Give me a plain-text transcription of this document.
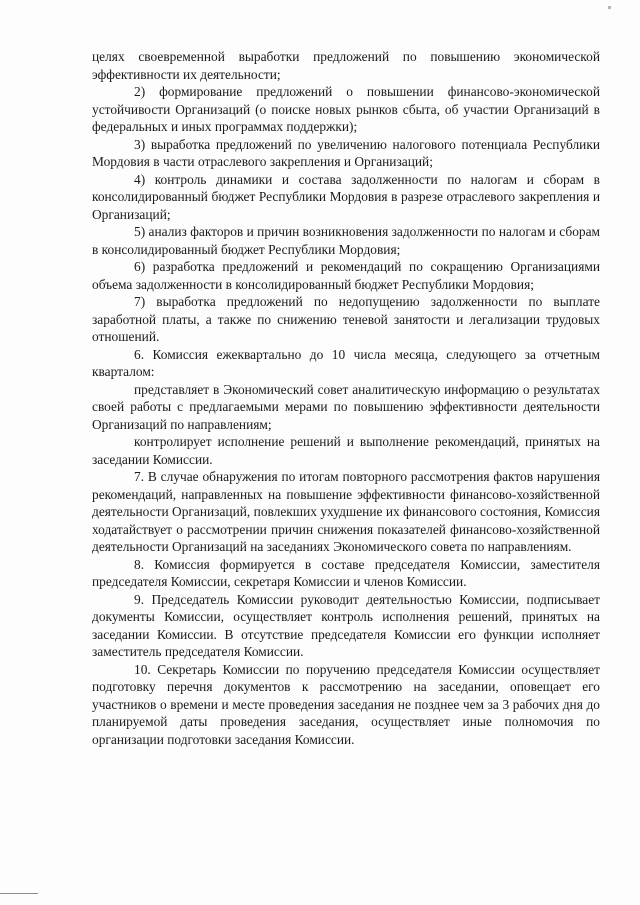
целях своевременной выработки предложений по повышению экономической эффективности их деятельности;

2) формирование предложений о повышении финансово-экономической устойчивости Организаций (о поиске новых рынков сбыта, об участии Организаций в федеральных и иных программах поддержки);

3) выработка предложений по увеличению налогового потенциала Республики Мордовия в части отраслевого закрепления и Организаций;

4) контроль динамики и состава задолженности по налогам и сборам в консолидированный бюджет Республики Мордовия в разрезе отраслевого закрепления и Организаций;

5) анализ факторов и причин возникновения задолженности по налогам и сборам в консолидированный бюджет Республики Мордовия;

6) разработка предложений и рекомендаций по сокращению Организациями объема задолженности в консолидированный бюджет Республики Мордовия;

7) выработка предложений по недопущению задолженности по выплате заработной платы, а также по снижению теневой занятости и легализации трудовых отношений.

6. Комиссия ежеквартально до 10 числа месяца, следующего за отчетным кварталом:

представляет в Экономический совет аналитическую информацию о результатах своей работы с предлагаемыми мерами по повышению эффективности деятельности Организаций по направлениям;

контролирует исполнение решений и выполнение рекомендаций, принятых на заседании Комиссии.

7. В случае обнаружения по итогам повторного рассмотрения фактов нарушения рекомендаций, направленных на повышение эффективности финансово-хозяйственной деятельности Организаций, повлекших ухудшение их финансового состояния, Комиссия ходатайствует о рассмотрении причин снижения показателей финансово-хозяйственной деятельности Организаций на заседаниях Экономического совета по направлениям.

8. Комиссия формируется в составе председателя Комиссии, заместителя председателя Комиссии, секретаря Комиссии и членов Комиссии.

9. Председатель Комиссии руководит деятельностью Комиссии, подписывает документы Комиссии, осуществляет контроль исполнения решений, принятых на заседании Комиссии. В отсутствие председателя Комиссии его функции исполняет заместитель председателя Комиссии.

10. Секретарь Комиссии по поручению председателя Комиссии осуществляет подготовку перечня документов к рассмотрению на заседании, оповещает его участников о времени и месте проведения заседания не позднее чем за 3 рабочих дня до планируемой даты проведения заседания, осуществляет иные полномочия по организации подготовки заседания Комиссии.
